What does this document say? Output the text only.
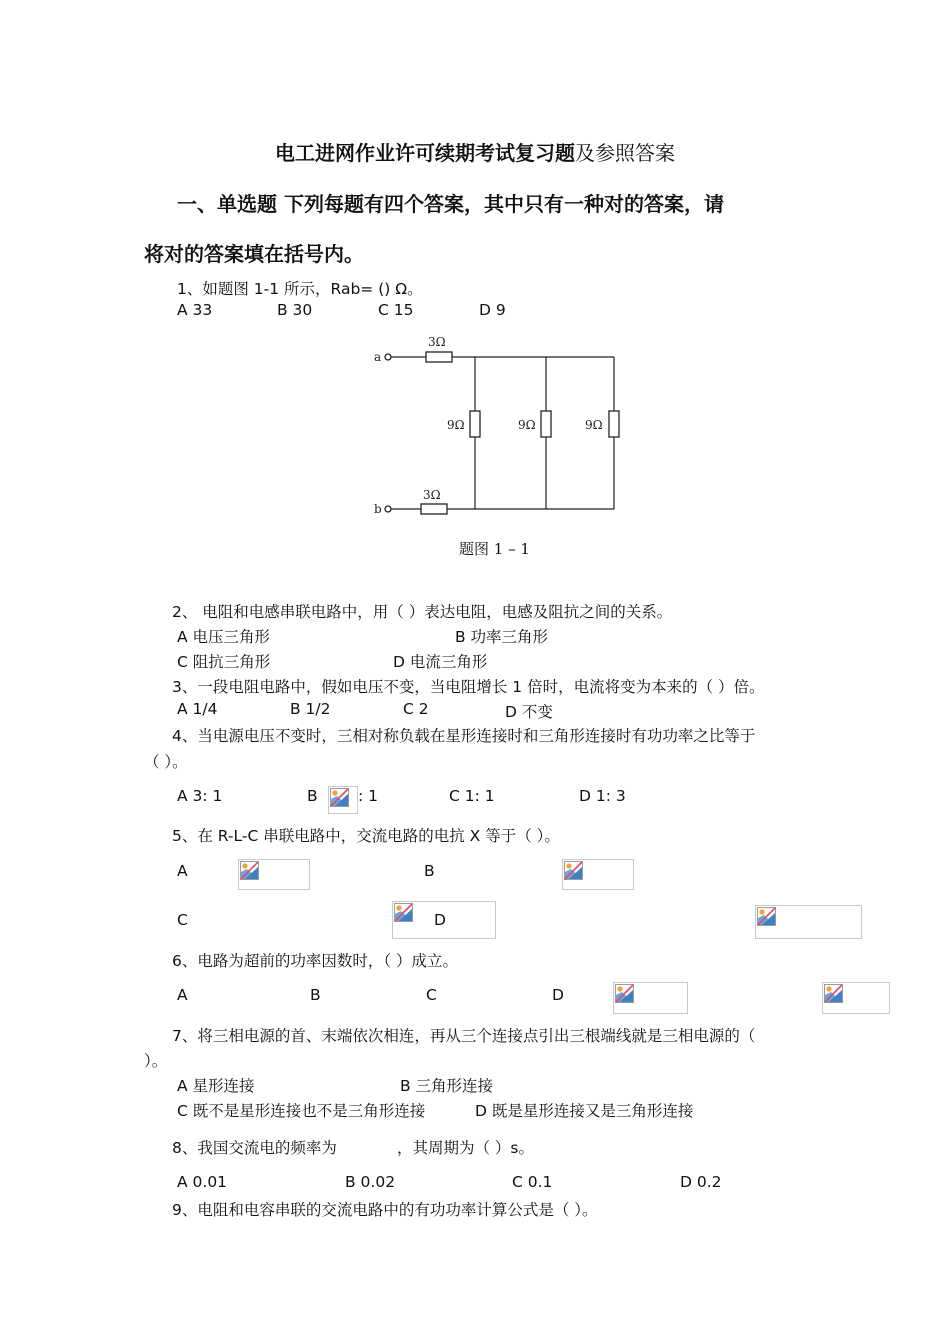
电工进网作业许可续期考试复习题及参照答案
一、单选题 下列每题有四个答案，其中只有一种对的答案，请
将对的答案填在括号内。
1、如题图 1-1 所示，Rab= () Ω。
A 33	B 30	C 15	D 9
a
b
3Ω
3Ω
9Ω	9Ω	9Ω
题图 1 – 1
2、 电阻和电感串联电路中，用（ ）表达电阻，电感及阻抗之间的关系。
A 电压三角形	B 功率三角形
C 阻抗三角形	D 电流三角形
3、一段电阻电路中，假如电压不变，当电阻增长 1 倍时，电流将变为本来的（ ）倍。
A 1/4	B 1/2	C 2	D 不变
4、当电源电压不变时，三相对称负载在星形连接时和三角形连接时有功功率之比等于
（ ）。
A 3: 1	B
	: 1	C 1: 1	D 1: 3
5、在 R-L-C 串联电路中，交流电路的电抗 X 等于（ ）。
A
	B

C
	D

6、电路为超前的功率因数时，（ ）成立。
A
	B
	C
	D

7、将三相电源的首、末端依次相连，再从三个连接点引出三根端线就是三相电源的（
）。
A 星形连接	B 三角形连接
C 既不是星形连接也不是三角形连接	D 既是星形连接又是三角形连接
8、我国交流电的频率为	，其周期为（ ）s。
A 0.01	B 0.02	C 0.1	D 0.2
9、电阻和电容串联的交流电路中的有功功率计算公式是（ ）。
